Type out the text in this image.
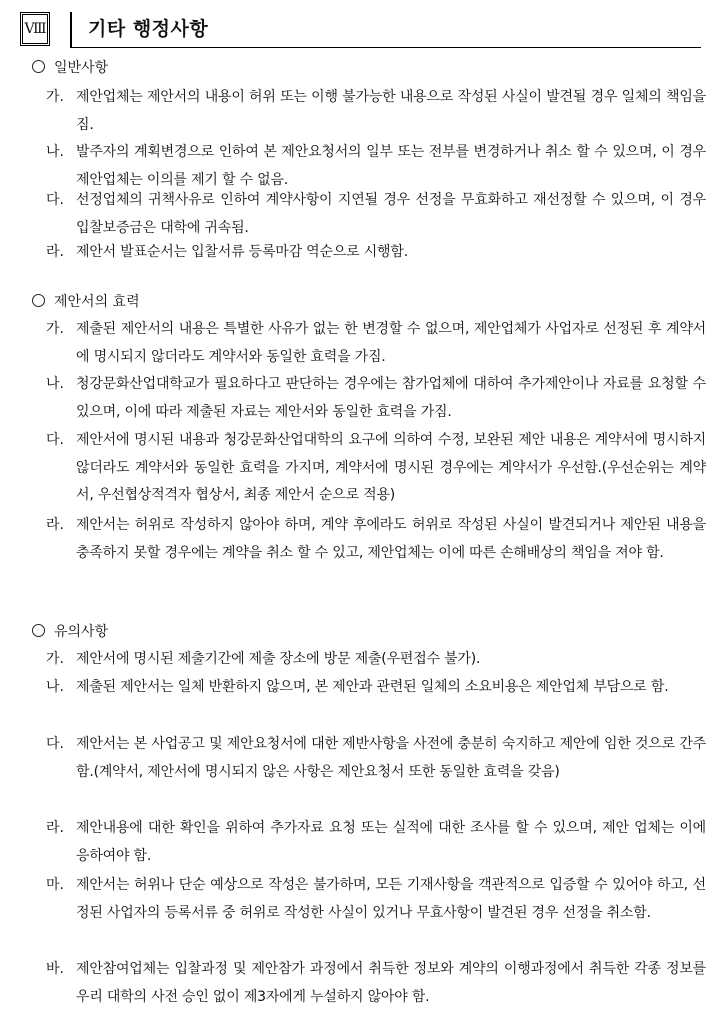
Ⅷ 기타 행정사항
일반사항
가. 제안업체는 제안서의 내용이 허위 또는 이행 불가능한 내용으로 작성된 사실이 발견될 경우 일체의 책임을 짐.
나. 발주자의 계획변경으로 인하여 본 제안요청서의 일부 또는 전부를 변경하거나 취소 할 수 있으며, 이 경우 제안업체는 이의를 제기 할 수 없음.
다. 선정업체의 귀책사유로 인하여 계약사항이 지연될 경우 선정을 무효화하고 재선정할 수 있으며, 이 경우 입찰보증금은 대학에 귀속됨.
라. 제안서 발표순서는 입찰서류 등록마감 역순으로 시행함.
제안서의 효력
가. 제출된 제안서의 내용은 특별한 사유가 없는 한 변경할 수 없으며, 제안업체가 사업자로 선정된 후 계약서에 명시되지 않더라도 계약서와 동일한 효력을 가짐.
나. 청강문화산업대학교가 필요하다고 판단하는 경우에는 참가업체에 대하여 추가제안이나 자료를 요청할 수 있으며, 이에 따라 제출된 자료는 제안서와 동일한 효력을 가짐.
다. 제안서에 명시된 내용과 청강문화산업대학의 요구에 의하여 수정, 보완된 제안 내용은 계약서에 명시하지 않더라도 계약서와 동일한 효력을 가지며, 계약서에 명시된 경우에는 계약서가 우선함.(우선순위는 계약서, 우선협상적격자 협상서, 최종 제안서 순으로 적용)
라. 제안서는 허위로 작성하지 않아야 하며, 계약 후에라도 허위로 작성된 사실이 발견되거나 제안된 내용을 충족하지 못할 경우에는 계약을 취소 할 수 있고, 제안업체는 이에 따른 손해배상의 책임을 져야 함.
유의사항
가. 제안서에 명시된 제출기간에 제출 장소에 방문 제출(우편접수 불가).
나. 제출된 제안서는 일체 반환하지 않으며, 본 제안과 관련된 일체의 소요비용은 제안업체 부담으로 함.
다. 제안서는 본 사업공고 및 제안요청서에 대한 제반사항을 사전에 충분히 숙지하고 제안에 임한 것으로 간주함.(계약서, 제안서에 명시되지 않은 사항은 제안요청서 또한 동일한 효력을 갖음)
라. 제안내용에 대한 확인을 위하여 추가자료 요청 또는 실적에 대한 조사를 할 수 있으며, 제안 업체는 이에 응하여야 함.
마. 제안서는 허위나 단순 예상으로 작성은 불가하며, 모든 기재사항을 객관적으로 입증할 수 있어야 하고, 선정된 사업자의 등록서류 중 허위로 작성한 사실이 있거나 무효사항이 발견된 경우 선정을 취소함.
바. 제안참여업체는 입찰과정 및 제안참가 과정에서 취득한 정보와 계약의 이행과정에서 취득한 각종 정보를 우리 대학의 사전 승인 없이 제3자에게 누설하지 않아야 함.
